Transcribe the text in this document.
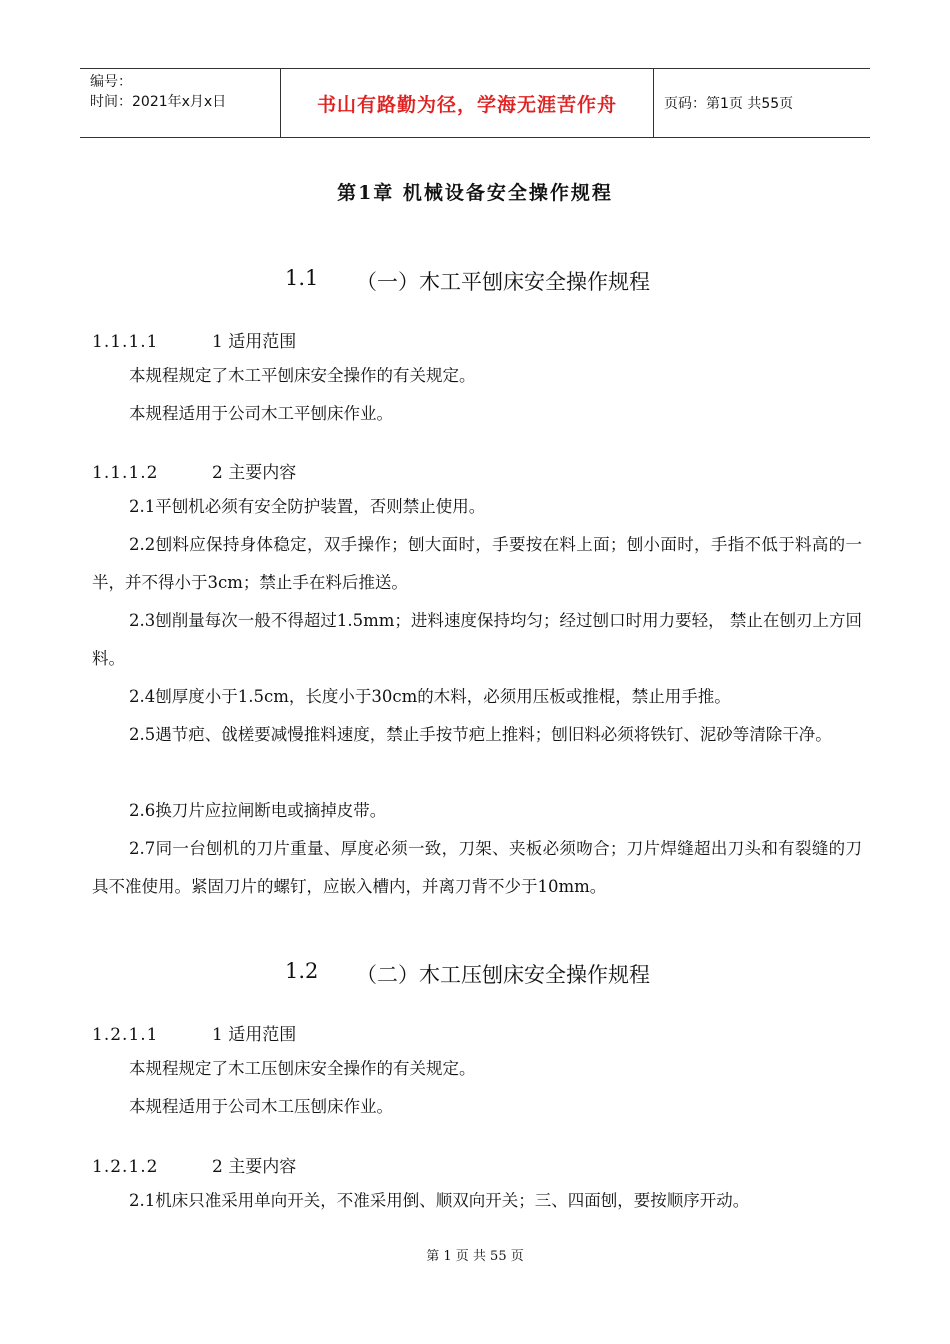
编号：
时间：2021年x月x日	书山有路勤为径，学海无涯苦作舟	页码：第1页 共55页
第1章 机械设备安全操作规程
1.1 （一）木工平刨床安全操作规程
1.1.1.1	1 适用范围
本规程规定了木工平刨床安全操作的有关规定。
本规程适用于公司木工平刨床作业。
1.1.1.2	2 主要内容
2.1平刨机必须有安全防护装置，否则禁止使用。
2.2刨料应保持身体稳定，双手操作；刨大面时，手要按在料上面；刨小面时，手指不低于料高的一半，并不得小于3cm；禁止手在料后推送。
2.3刨削量每次一般不得超过1.5mm；进料速度保持均匀；经过刨口时用力要轻， 禁止在刨刃上方回料。
2.4刨厚度小于1.5cm，长度小于30cm的木料，必须用压板或推棍，禁止用手推。
2.5遇节疤、戗槎要减慢推料速度，禁止手按节疤上推料；刨旧料必须将铁钉、泥砂等清除干净。
2.6换刀片应拉闸断电或摘掉皮带。
2.7同一台刨机的刀片重量、厚度必须一致，刀架、夹板必须吻合；刀片焊缝超出刀头和有裂缝的刀具不准使用。紧固刀片的螺钉，应嵌入槽内，并离刀背不少于10mm。
1.2 （二）木工压刨床安全操作规程
1.2.1.1	1 适用范围
本规程规定了木工压刨床安全操作的有关规定。
本规程适用于公司木工压刨床作业。
1.2.1.2	2 主要内容
2.1机床只准采用单向开关，不准采用倒、顺双向开关；三、四面刨，要按顺序开动。
第 1 页 共 55 页
